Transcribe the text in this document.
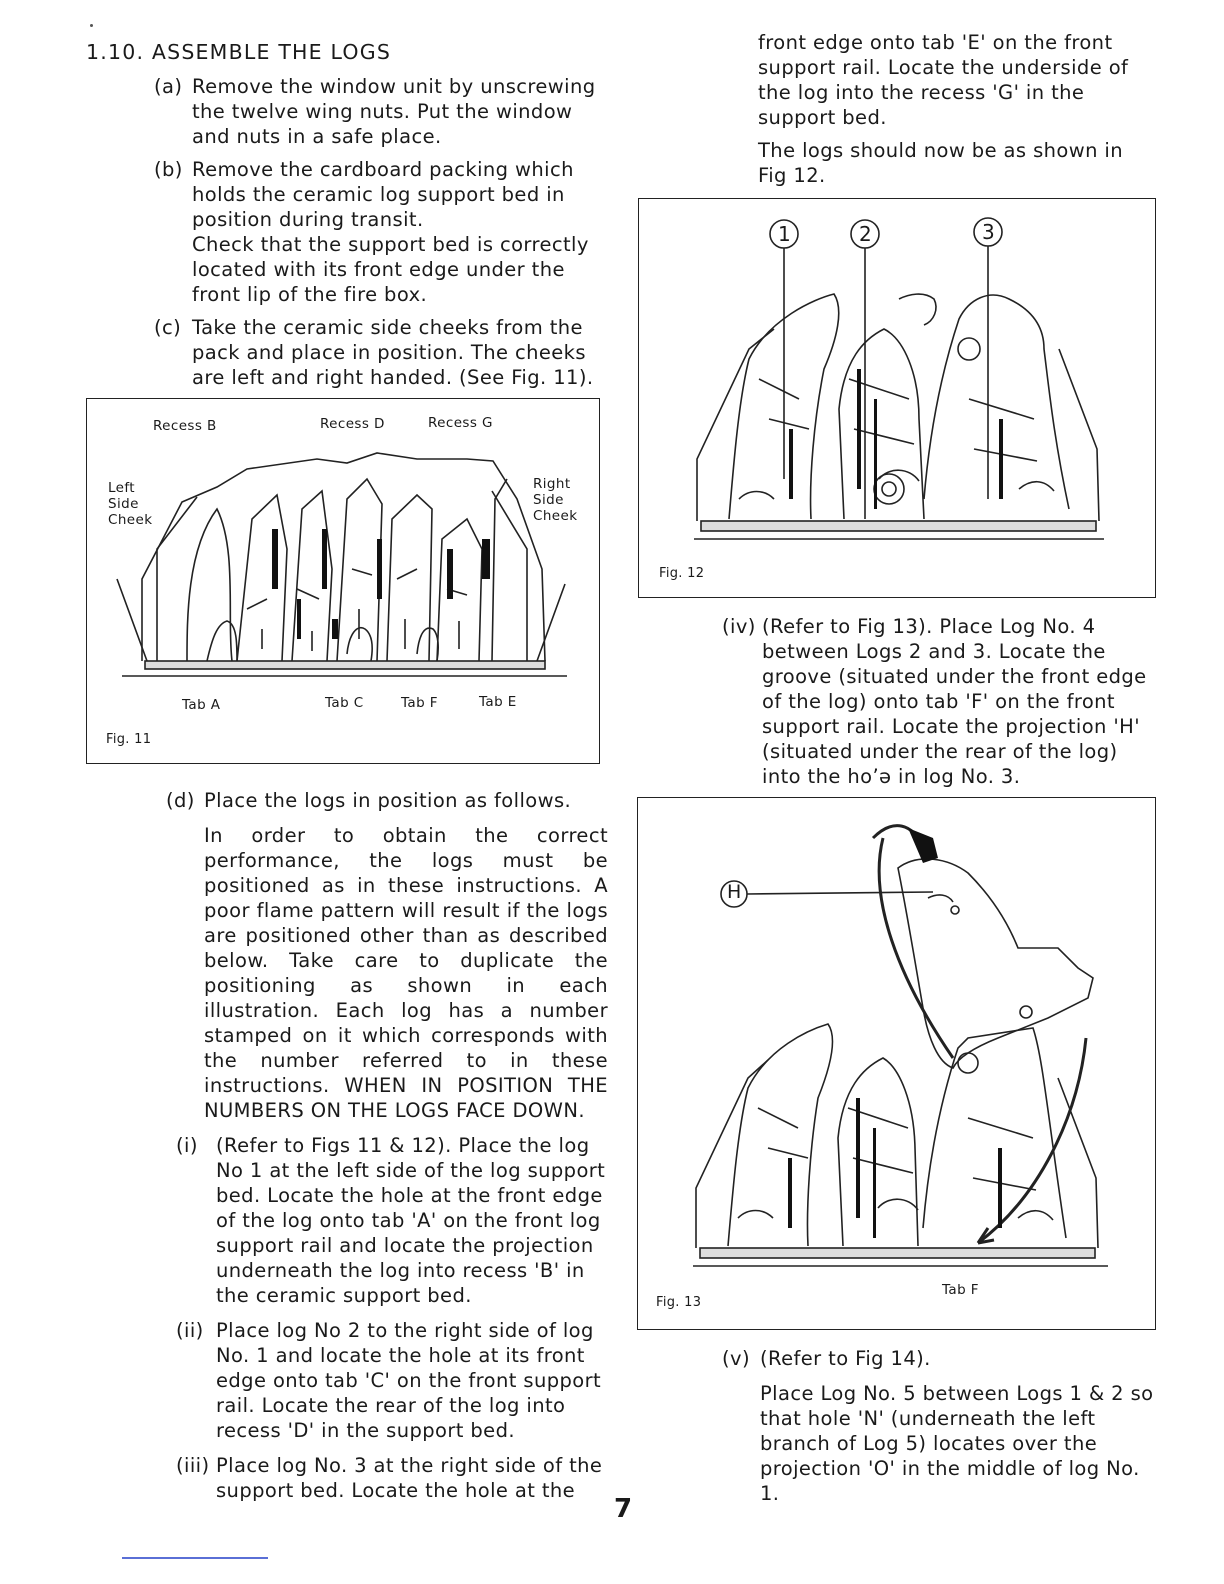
1.10. ASSEMBLE THE LOGS
(a) Remove the window unit by unscrewing the twelve wing nuts. Put the window and nuts in a safe place.

(b) Remove the cardboard packing which holds the ceramic log support bed in position during transit.

Check that the support bed is correctly located with its front edge under the front lip of the fire box.

(c) Take the ceramic side cheeks from the pack and place in position. The cheeks are left and right handed. (See Fig. 11).

Recess B	Recess D	Recess G
Left
Side
Cheek
Right
Side
Cheek
Tab A	Tab C	Tab F	Tab E
Fig. 11
(d) Place the logs in position as follows.

In order to obtain the correct performance, the logs must be positioned as in these instructions. A poor flame pattern will result if the logs are positioned other than as described below. Take care to duplicate the positioning as shown in each illustration. Each log has a number stamped on it which corresponds with the number referred to in these instructions. WHEN IN POSITION THE NUMBERS ON THE LOGS FACE DOWN.

(i) (Refer to Figs 11 & 12). Place the log No 1 at the left side of the log support bed. Locate the hole at the front edge of the log onto tab 'A' on the front log support rail and locate the projection underneath the log into recess 'B' in the ceramic support bed.

(ii) Place log No 2 to the right side of log No. 1 and locate the hole at its front edge onto tab 'C' on the front support rail. Locate the rear of the log into recess 'D' in the support bed.

(iii) Place log No. 3 at the right side of the support bed. Locate the hole at the

front edge onto tab 'E' on the front support rail. Locate the underside of the log into the recess 'G' in the support bed.

The logs should now be as shown in Fig 12.

1	2	3
Fig. 12
(iv) (Refer to Fig 13). Place Log No. 4 between Logs 2 and 3. Locate the groove (situated under the front edge of the log) onto tab 'F' on the front support rail. Locate the projection 'H' (situated under the rear of the log) into the ho’ə in log No. 3.

H
Tab F
Fig. 13
(v) (Refer to Fig 14).

Place Log No. 5 between Logs 1 & 2 so that hole 'N' (underneath the left branch of Log 5) locates over the projection 'O' in the middle of log No. 1.

7
